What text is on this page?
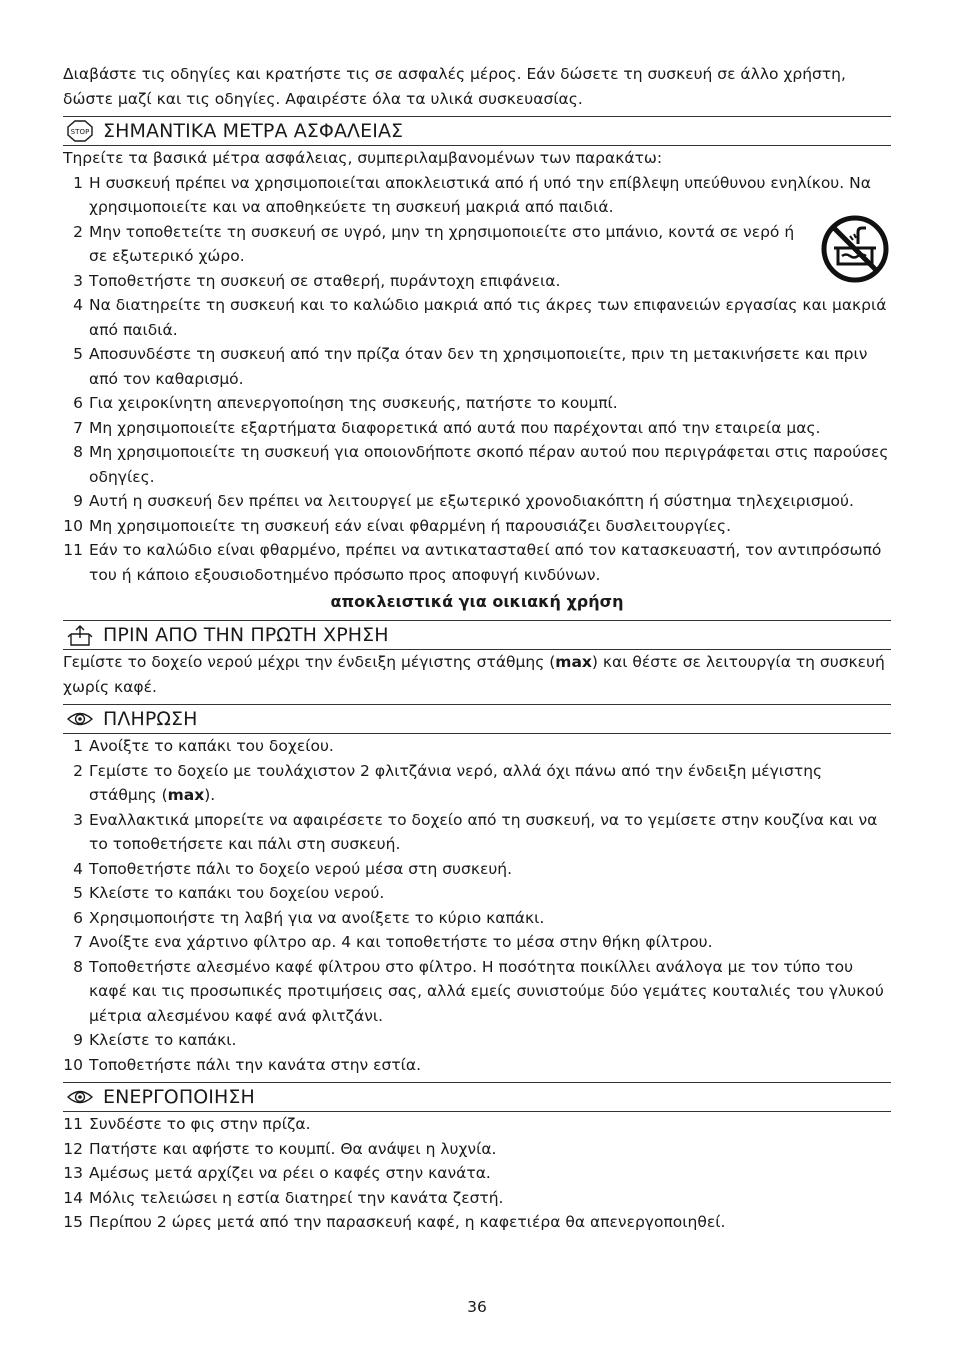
Διαβάστε τις οδηγίες και κρατήστε τις σε ασφαλές μέρος. Εάν δώσετε τη συσκευή σε άλλο χρήστη, δώστε μαζί και τις οδηγίες. Αφαιρέστε όλα τα υλικά συσκευασίας.

STOP ΣΗΜΑΝΤΙΚΑ ΜΕΤΡΑ ΑΣΦΑΛΕΙΑΣ

Τηρείτε τα βασικά μέτρα ασφάλειας, συμπεριλαμβανομένων των παρακάτω:

1 Η συσκευή πρέπει να χρησιμοποιείται αποκλειστικά από ή υπό την επίβλεψη υπεύθυνου ενηλίκου. Να χρησιμοποιείτε και να αποθηκεύετε τη συσκευή μακριά από παιδιά.
2 Μην τοποθετείτε τη συσκευή σε υγρό, μην τη χρησιμοποιείτε στο μπάνιο, κοντά σε νερό ή σε εξωτερικό χώρο.
3 Τοποθετήστε τη συσκευή σε σταθερή, πυράντοχη επιφάνεια.
4 Να διατηρείτε τη συσκευή και το καλώδιο μακριά από τις άκρες των επιφανειών εργασίας και μακριά από παιδιά.
5 Αποσυνδέστε τη συσκευή από την πρίζα όταν δεν τη χρησιμοποιείτε, πριν τη μετακινήσετε και πριν από τον καθαρισμό.
6 Για χειροκίνητη απενεργοποίηση της συσκευής, πατήστε το κουμπί.
7 Μη χρησιμοποιείτε εξαρτήματα διαφορετικά από αυτά που παρέχονται από την εταιρεία μας.
8 Μη χρησιμοποιείτε τη συσκευή για οποιονδήποτε σκοπό πέραν αυτού που περιγράφεται στις παρούσες οδηγίες.
9 Αυτή η συσκευή δεν πρέπει να λειτουργεί με εξωτερικό χρονοδιακόπτη ή σύστημα τηλεχειρισμού.
10 Μη χρησιμοποιείτε τη συσκευή εάν είναι φθαρμένη ή παρουσιάζει δυσλειτουργίες.
11 Εάν το καλώδιο είναι φθαρμένο, πρέπει να αντικατασταθεί από τον κατασκευαστή, τον αντιπρόσωπό του ή κάποιο εξουσιοδοτημένο πρόσωπο προς αποφυγή κινδύνων.
αποκλειστικά για οικιακή χρήση
ΠΡΙΝ ΑΠΟ ΤΗΝ ΠΡΩΤΗ ΧΡΗΣΗ

Γεμίστε το δοχείο νερού μέχρι την ένδειξη μέγιστης στάθμης (max) και θέστε σε λειτουργία τη συσκευή χωρίς καφέ.

ΠΛΗΡΩΣΗ
1 Ανοίξτε το καπάκι του δοχείου.
2 Γεμίστε το δοχείο με τουλάχιστον 2 φλιτζάνια νερό, αλλά όχι πάνω από την ένδειξη μέγιστης στάθμης (max).
3 Εναλλακτικά μπορείτε να αφαιρέσετε το δοχείο από τη συσκευή, να το γεμίσετε στην κουζίνα και να το τοποθετήσετε και πάλι στη συσκευή.
4 Τοποθετήστε πάλι το δοχείο νερού μέσα στη συσκευή.
5 Κλείστε το καπάκι του δοχείου νερού.
6 Χρησιμοποιήστε τη λαβή για να ανοίξετε το κύριο καπάκι.
7 Ανοίξτε ενα χάρτινο φίλτρο αρ. 4 και τοποθετήστε το μέσα στην θήκη φίλτρου.
8 Τοποθετήστε αλεσμένο καφέ φίλτρου στο φίλτρο. Η ποσότητα ποικίλλει ανάλογα με τον τύπο του καφέ και τις προσωπικές προτιμήσεις σας, αλλά εμείς συνιστούμε δύο γεμάτες κουταλιές του γλυκού μέτρια αλεσμένου καφέ ανά φλιτζάνι.
9 Κλείστε το καπάκι.
10 Τοποθετήστε πάλι την κανάτα στην εστία.
ΕΝΕΡΓΟΠΟΙΗΣΗ
11 Συνδέστε το φις στην πρίζα.
12 Πατήστε και αφήστε το κουμπί. Θα ανάψει η λυχνία.
13 Αμέσως μετά αρχίζει να ρέει ο καφές στην κανάτα.
14 Μόλις τελειώσει η εστία διατηρεί την κανάτα ζεστή.
15 Περίπου 2 ώρες μετά από την παρασκευή καφέ, η καφετιέρα θα απενεργοποιηθεί.
36
